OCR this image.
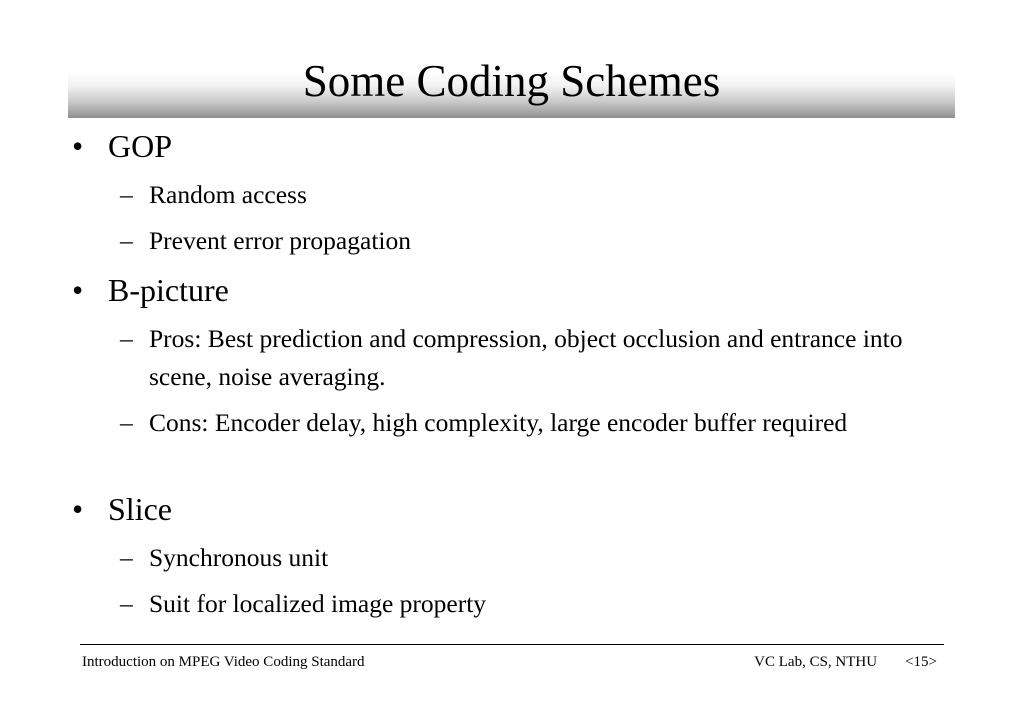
Some Coding Schemes
• GOP
– Random access
– Prevent error propagation
• B-picture
– Pros: Best prediction and compression, object occlusion and entrance into scene, noise averaging.
– Cons: Encoder delay, high complexity, large encoder buffer required
• Slice
– Synchronous unit
– Suit for localized image property
Introduction on MPEG Video Coding Standard	VC Lab, CS, NTHU <15>
